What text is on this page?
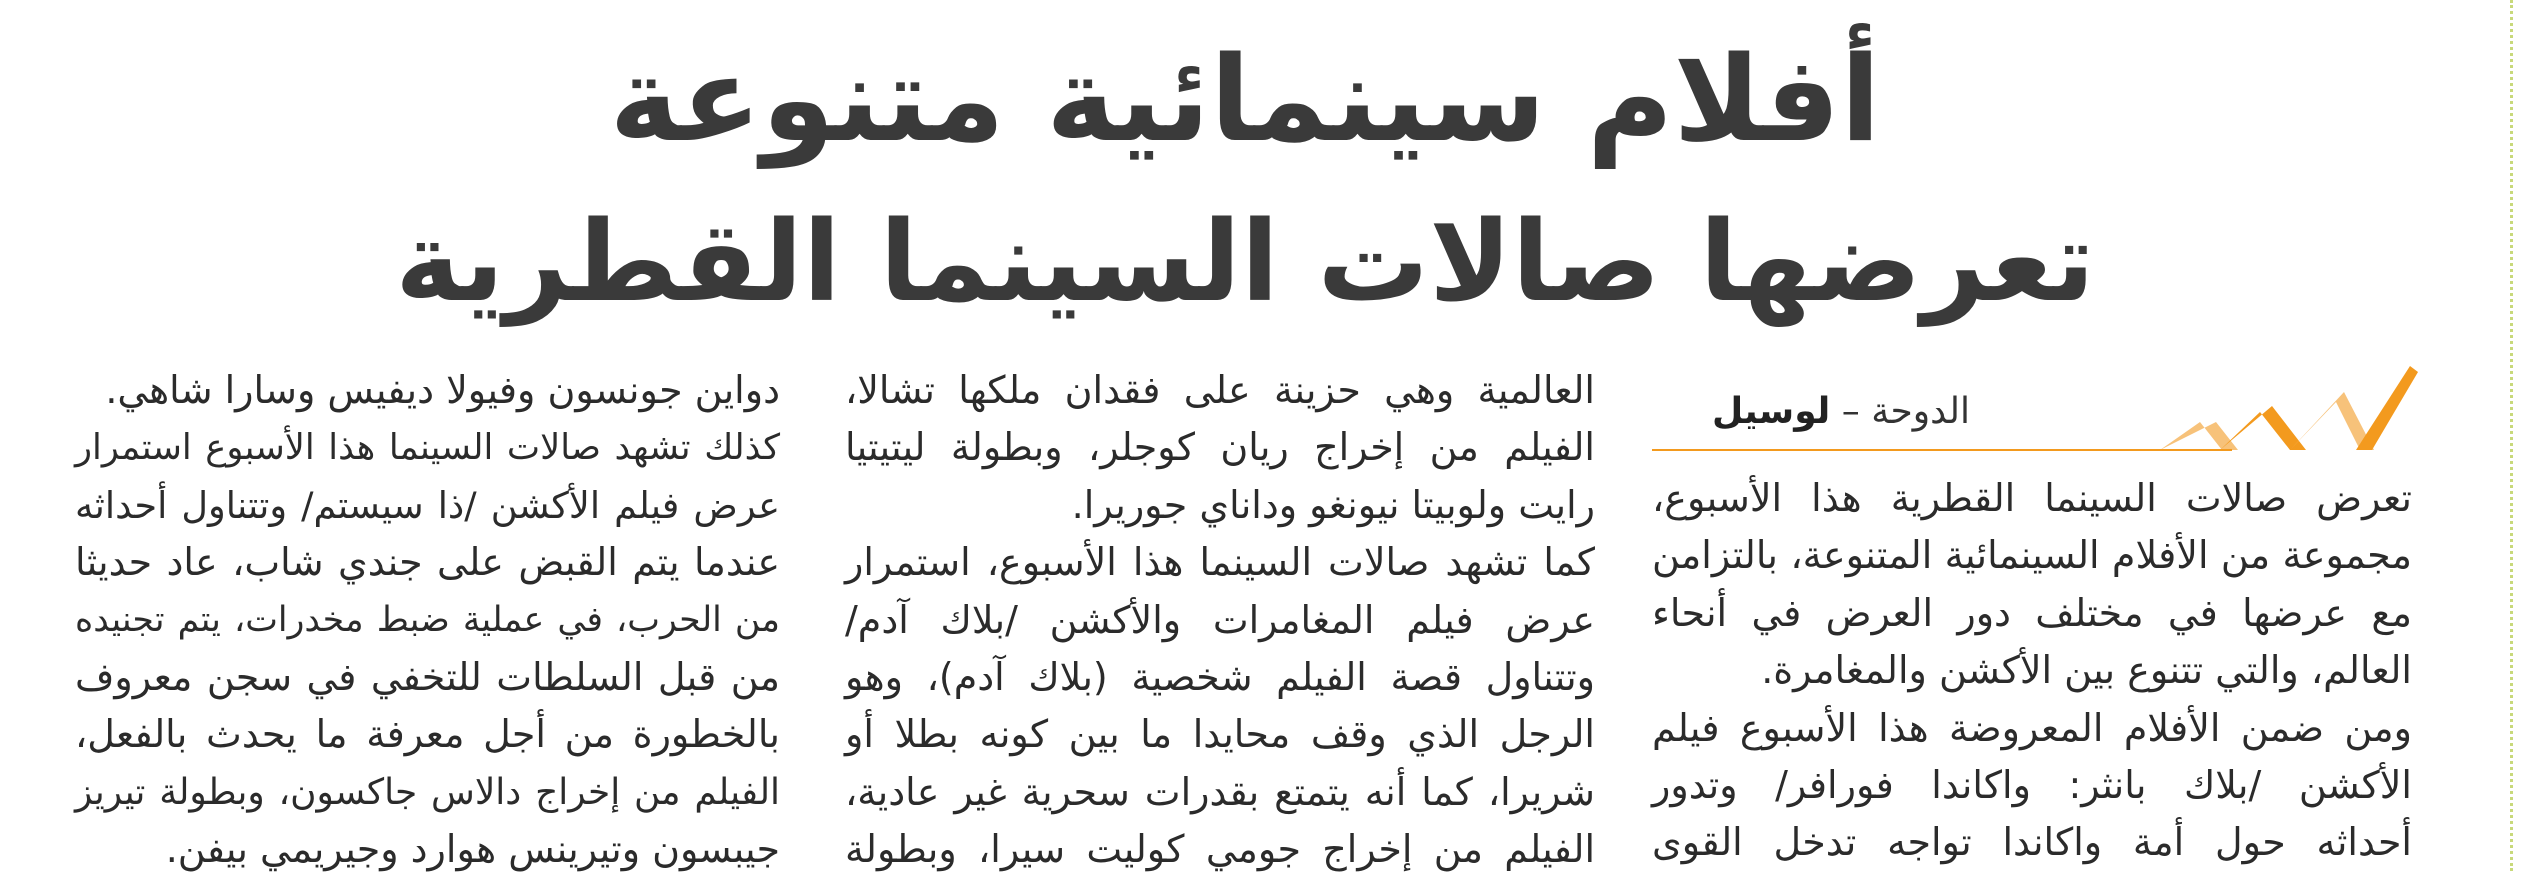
أفلام سينمائية متنوعة
تعرضها صالات السينما القطرية
الدوحة – لوسيل
تعرض صالات السينما القطرية هذا الأسبوع،
مجموعة من الأفلام السينمائية المتنوعة، بالتزامن
مع عرضها في مختلف دور العرض في أنحاء
العالم، والتي تتنوع بين الأكشن والمغامرة.
ومن ضمن الأفلام المعروضة هذا الأسبوع فيلم
الأكشن /بلاك بانثر: واكاندا فورافر/ وتدور
أحداثه حول أمة واكاندا تواجه تدخل القوى
العالمية وهي حزينة على فقدان ملكها تشالا،
الفيلم من إخراج ريان كوجلر، وبطولة ليتيتيا
رايت ولوبيتا نيونغو وداناي جوريرا.
كما تشهد صالات السينما هذا الأسبوع، استمرار
عرض فيلم المغامرات والأكشن /بلاك آدم/
وتتناول قصة الفيلم شخصية (بلاك آدم)، وهو
الرجل الذي وقف محايدا ما بين كونه بطلا أو
شريرا، كما أنه يتمتع بقدرات سحرية غير عادية،
الفيلم من إخراج جومي كوليت سيرا، وبطولة
دواين جونسون وفيولا ديفيس وسارا شاهي.
كذلك تشهد صالات السينما هذا الأسبوع استمرار
عرض فيلم الأكشن /ذا سيستم/ وتتناول أحداثه
عندما يتم القبض على جندي شاب، عاد حديثا
من الحرب، في عملية ضبط مخدرات، يتم تجنيده
من قبل السلطات للتخفي في سجن معروف
بالخطورة من أجل معرفة ما يحدث بالفعل،
الفيلم من إخراج دالاس جاكسون، وبطولة تيريز
جيبسون وتيرينس هوارد وجيريمي بيفن.
